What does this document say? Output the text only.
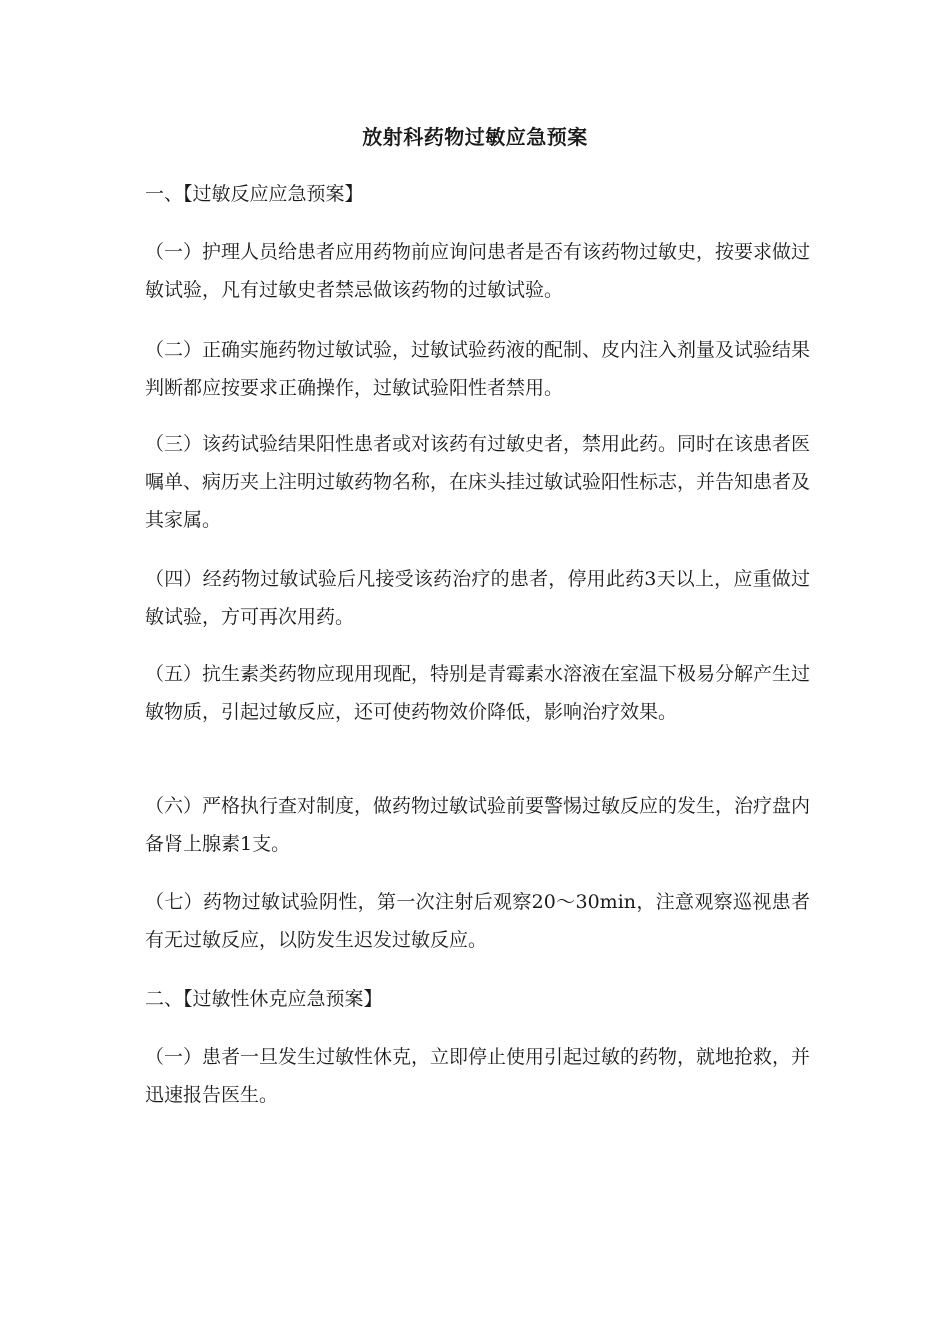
放射科药物过敏应急预案

一、【过敏反应应急预案】

（一）护理人员给患者应用药物前应询问患者是否有该药物过敏史，按要求做过敏试验，凡有过敏史者禁忌做该药物的过敏试验。

（二）正确实施药物过敏试验，过敏试验药液的配制、皮内注入剂量及试验结果判断都应按要求正确操作，过敏试验阳性者禁用。

（三）该药试验结果阳性患者或对该药有过敏史者，禁用此药。同时在该患者医嘱单、病历夹上注明过敏药物名称，在床头挂过敏试验阳性标志，并告知患者及其家属。

（四）经药物过敏试验后凡接受该药治疗的患者，停用此药3天以上，应重做过敏试验，方可再次用药。

（五）抗生素类药物应现用现配，特别是青霉素水溶液在室温下极易分解产生过敏物质，引起过敏反应，还可使药物效价降低，影响治疗效果。

（六）严格执行查对制度，做药物过敏试验前要警惕过敏反应的发生，治疗盘内备肾上腺素1支。

（七）药物过敏试验阴性，第一次注射后观察20～30min，注意观察巡视患者有无过敏反应，以防发生迟发过敏反应。

二、【过敏性休克应急预案】

（一）患者一旦发生过敏性休克，立即停止使用引起过敏的药物，就地抢救，并迅速报告医生。
